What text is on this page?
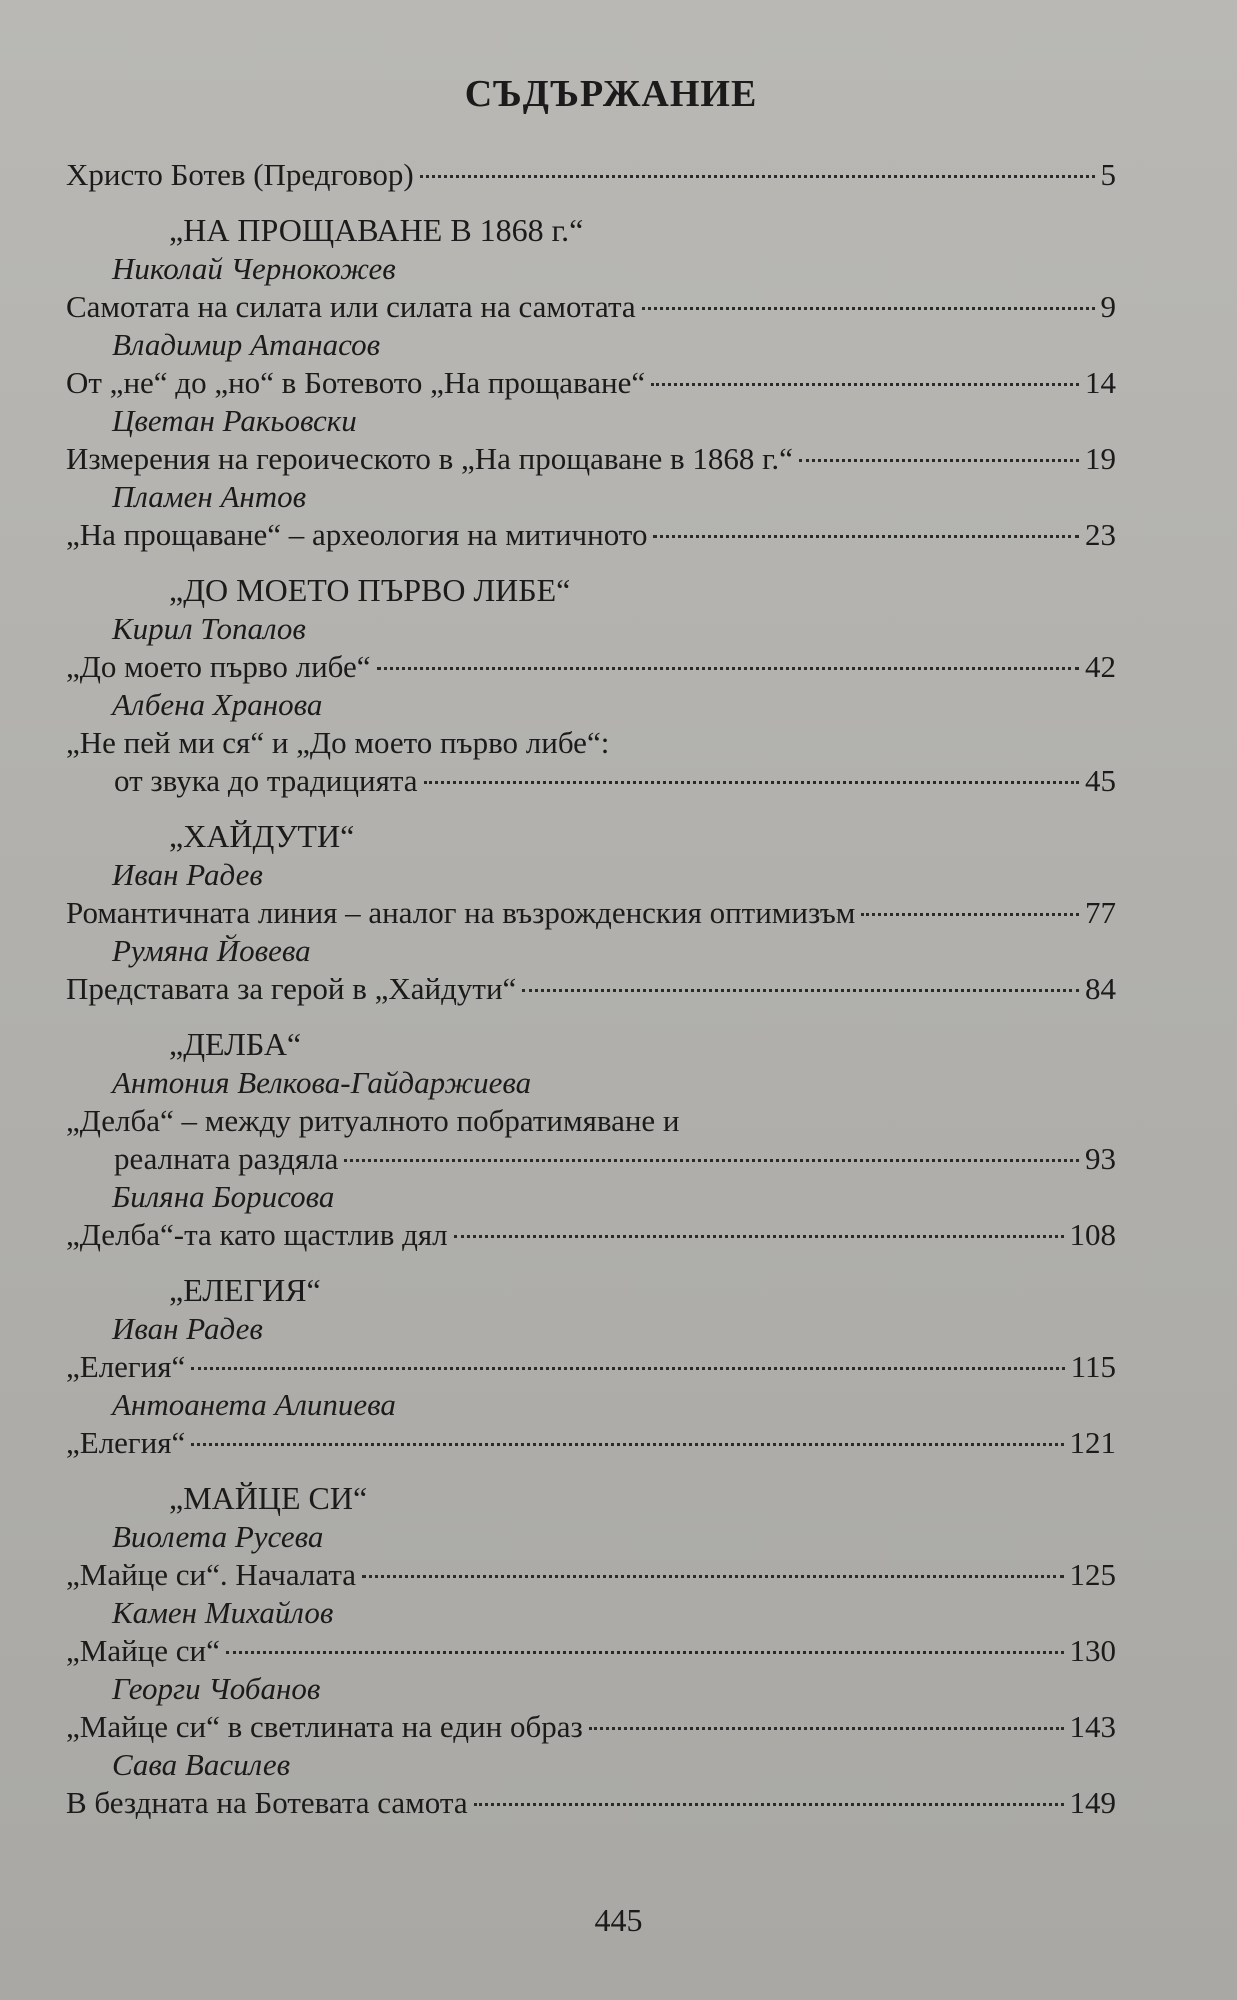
СЪДЪРЖАНИЕ
Христо Ботев (Предговор)	5
„НА ПРОЩАВАНЕ В 1868 г.“
Николай Чернокожев
Самотата на силата или силата на самотата	9
Владимир Атанасов
От „не“ до „но“ в Ботевото „На прощаване“	14
Цветан Ракьовски
Измерения на героическото в „На прощаване в 1868 г.“	19
Пламен Антов
„На прощаване“ – археология на митичното	23
„ДО МОЕТО ПЪРВО ЛИБЕ“
Кирил Топалов
„До моето първо либе“	42
Албена Хранова
„Не пей ми ся“ и „До моето първо либе“:
от звука до традицията	45
„ХАЙДУТИ“
Иван Радев
Романтичната линия – аналог на възрожденския оптимизъм	77
Румяна Йовева
Представата за герой в „Хайдути“	84
„ДЕЛБА“
Антония Велкова-Гайдаржиева
„Делба“ – между ритуалното побратимяване и
реалната раздяла	93
Биляна Борисова
„Делба“-та като щастлив дял	108
„ЕЛЕГИЯ“
Иван Радев
„Елегия“	115
Антоанета Алипиева
„Елегия“	121
„МАЙЦЕ СИ“
Виолета Русева
„Майце си“. Началата	125
Камен Михайлов
„Майце си“	130
Георги Чобанов
„Майце си“ в светлината на един образ	143
Сава Василев
В бездната на Ботевата самота	149
445
